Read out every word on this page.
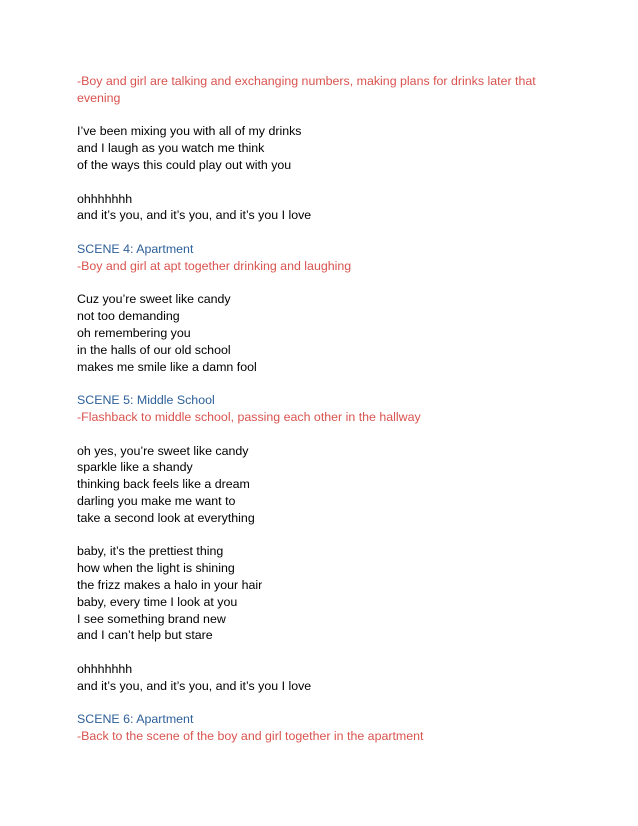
-Boy and girl are talking and exchanging numbers, making plans for drinks later that
evening
I’ve been mixing you with all of my drinks
and I laugh as you watch me think
of the ways this could play out with you
ohhhhhhh
and it’s you, and it’s you, and it’s you I love
SCENE 4: Apartment
-Boy and girl at apt together drinking and laughing
Cuz you’re sweet like candy
not too demanding
oh remembering you
in the halls of our old school
makes me smile like a damn fool
SCENE 5: Middle School
-Flashback to middle school, passing each other in the hallway
oh yes, you’re sweet like candy
sparkle like a shandy
thinking back feels like a dream
darling you make me want to
take a second look at everything
baby, it’s the prettiest thing
how when the light is shining
the frizz makes a halo in your hair
baby, every time I look at you
I see something brand new
and I can’t help but stare
ohhhhhhh
and it’s you, and it’s you, and it’s you I love
SCENE 6: Apartment
-Back to the scene of the boy and girl together in the apartment
